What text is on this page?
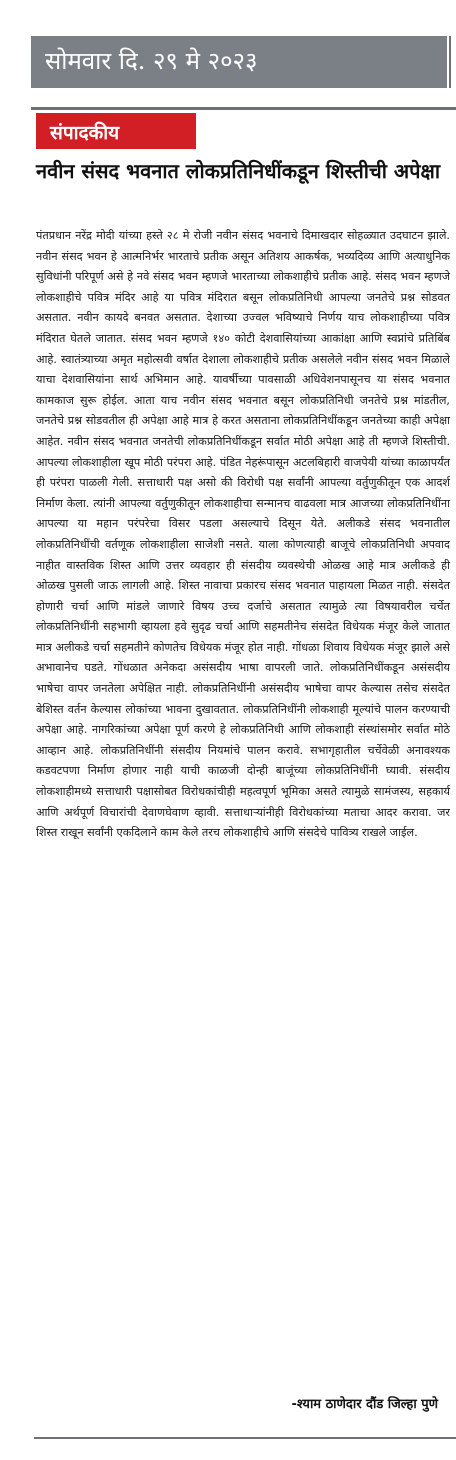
सोमवार दि. २९ मे २०२३
संपादकीय
नवीन संसद भवनात लोकप्रतिनिधींकडून शिस्तीची अपेक्षा

पंतप्रधान नरेंद्र मोदी यांच्या हस्ते २८ मे रोजी नवीन संसद भवनाचे दिमाखदार सोहळ्यात उदघाटन झाले. नवीन संसद भवन हे आत्मनिर्भर भारताचे प्रतीक असून अतिशय आकर्षक, भव्यदिव्य आणि अत्याधुनिक सुविधांनी परिपूर्ण असे हे नवे संसद भवन म्हणजे भारताच्या लोकशाहीचे प्रतीक आहे. संसद भवन म्हणजे लोकशाहीचे पवित्र मंदिर आहे या पवित्र मंदिरात बसून लोकप्रतिनिधी आपल्या जनतेचे प्रश्न सोडवत असतात. नवीन कायदे बनवत असतात. देशाच्या उज्वल भविष्याचे निर्णय याच लोकशाहीच्या पवित्र मंदिरात घेतले जातात. संसद भवन म्हणजे १४० कोटी देशवासियांच्या आकांक्षा आणि स्वप्नांचे प्रतिबिंब आहे. स्वातंत्र्याच्या अमृत महोत्सवी वर्षात देशाला लोकशाहीचे प्रतीक असलेले नवीन संसद भवन मिळाले याचा देशवासियांना सार्थ अभिमान आहे. यावर्षीच्या पावसाळी अधिवेशनपासूनच या संसद भवनात कामकाज सुरू होईल. आता याच नवीन संसद भवनात बसून लोकप्रतिनिधी जनतेचे प्रश्न मांडतील, जनतेचे प्रश्न सोडवतील ही अपेक्षा आहे मात्र हे करत असताना लोकप्रतिनिधींकडून जनतेच्या काही अपेक्षा आहेत. नवीन संसद भवनात जनतेची लोकप्रतिनिधींकडून सर्वात मोठी अपेक्षा आहे ती म्हणजे शिस्तीची. आपल्या लोकशाहीला खूप मोठी परंपरा आहे. पंडित नेहरूंपासून अटलबिहारी वाजपेयी यांच्या काळापर्यंत ही परंपरा पाळली गेली. सत्ताधारी पक्ष असो की विरोधी पक्ष सर्वांनी आपल्या वर्तुणुकीतून एक आदर्श निर्माण केला. त्यांनी आपल्या वर्तुणुकीतून लोकशाहीचा सन्मानच वाढवला मात्र आजच्या लोकप्रतिनिधींना आपल्या या महान परंपरेचा विसर पडला असल्याचे दिसून येते. अलीकडे संसद भवनातील लोकप्रतिनिधींची वर्तणूक लोकशाहीला साजेशी नसते. याला कोणत्याही बाजूचे लोकप्रतिनिधी अपवाद नाहीत वास्तविक शिस्त आणि उत्तर व्यवहार ही संसदीय व्यवस्थेची ओळख आहे मात्र अलीकडे ही ओळख पुसली जाऊ लागली आहे. शिस्त नावाचा प्रकारच संसद भवनात पाहायला मिळत नाही. संसदेत होणारी चर्चा आणि मांडले जाणारे विषय उच्च दर्जाचे असतात त्यामुळे त्या विषयावरील चर्चेत लोकप्रतिनिधींनी सहभागी व्हायला हवे सुदृढ चर्चा आणि सहमतीनेच संसदेत विधेयक मंजूर केले जातात मात्र अलीकडे चर्चा सहमतीने कोणतेच विधेयक मंजूर होत नाही. गोंधळा शिवाय विधेयक मंजूर झाले असे अभावानेच घडते. गोंधळात अनेकदा असंसदीय भाषा वापरली जाते. लोकप्रतिनिधींकडून असंसदीय भाषेचा वापर जनतेला अपेक्षित नाही. लोकप्रतिनिधींनी असंसदीय भाषेचा वापर केल्यास तसेच संसदेत बेशिस्त वर्तन केल्यास लोकांच्या भावना दुखावतात. लोकप्रतिनिधींनी लोकशाही मूल्यांचे पालन करण्याची अपेक्षा आहे. नागरिकांच्या अपेक्षा पूर्ण करणे हे लोकप्रतिनिधी आणि लोकशाही संस्थांसमोर सर्वात मोठे आव्हान आहे. लोकप्रतिनिधींनी संसदीय नियमांचे पालन करावे. सभागृहातील चर्चेवेळी अनावश्यक कडवटपणा निर्माण होणार नाही याची काळजी दोन्ही बाजूंच्या लोकप्रतिनिधींनी घ्यावी. संसदीय लोकशाहीमध्ये सत्ताधारी पक्षासोबत विरोधकांचीही महत्वपूर्ण भूमिका असते त्यामुळे सामंजस्य, सहकार्य आणि अर्थपूर्ण विचारांची देवाणघेवाण व्हावी. सत्ताधाऱ्यांनीही विरोधकांच्या मताचा आदर करावा. जर शिस्त राखून सर्वांनी एकदिलाने काम केले तरच लोकशाहीचे आणि संसदेचे पावित्र्य राखले जाईल.

-श्याम ठाणेदार दौंड जिल्हा पुणे
